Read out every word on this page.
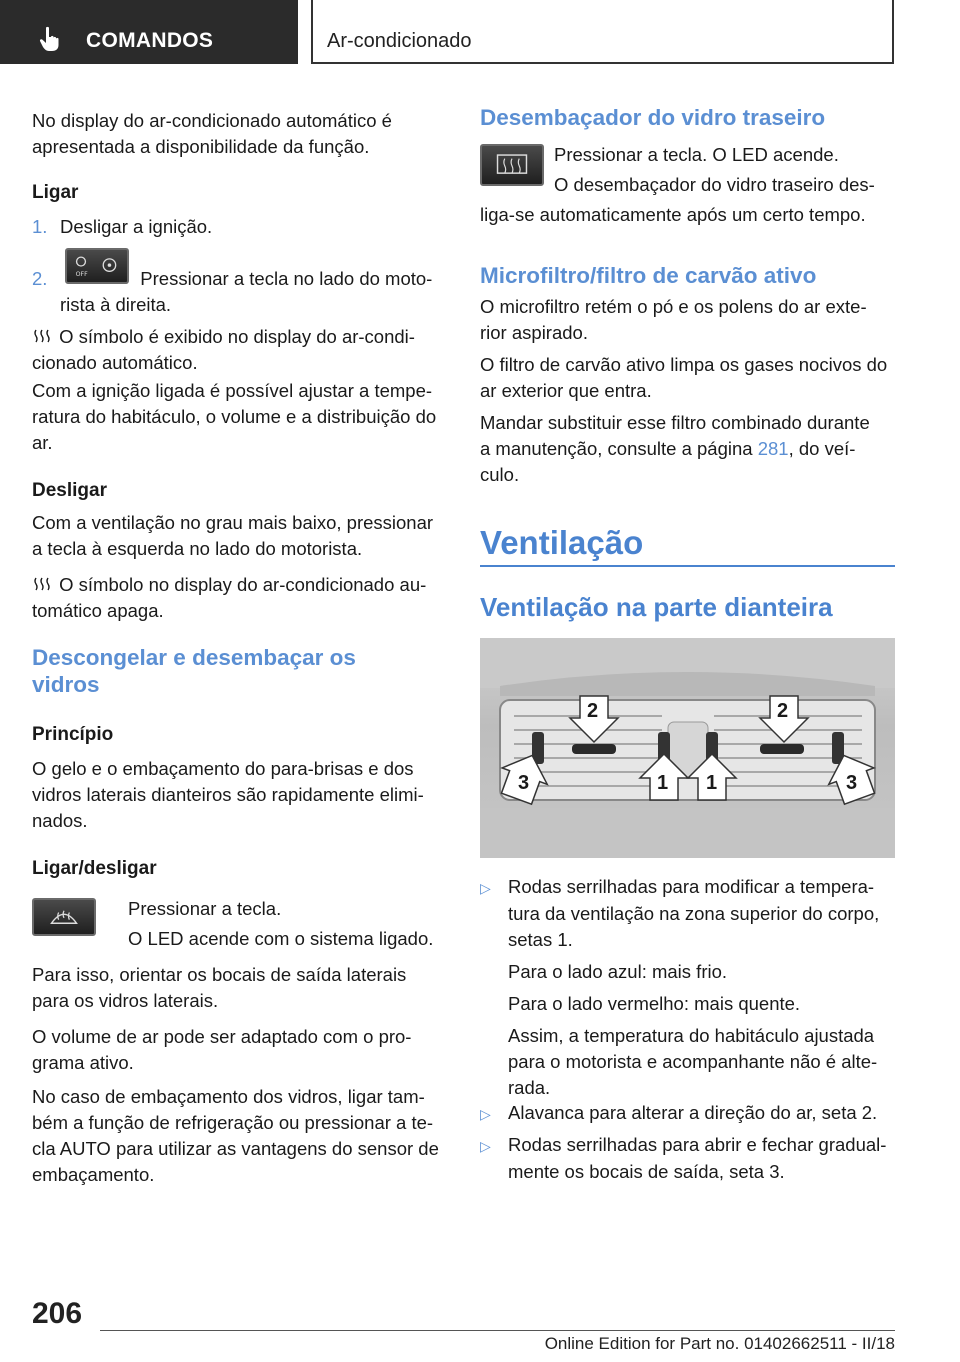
COMANDOS	Ar-condicionado

No display do ar-condicionado automático é

apresentada a disponibilidade da função.

Ligar
1. Desligar a ignição.
2.	OFF	Pressionar a tecla no lado do moto-

rista à direita.

O símbolo é exibido no display do ar-condi-

cionado automático.

Com a ignição ligada é possível ajustar a tempe-

ratura do habitáculo, o volume e a distribuição do

ar.

Desligar

Com a ventilação no grau mais baixo, pressionar

a tecla à esquerda no lado do motorista.

O símbolo no display do ar-condicionado au-

tomático apaga.

Descongelar e desembaçar os

vidros

Princípio

O gelo e o embaçamento do para-brisas e dos

vidros laterais dianteiros são rapidamente elimi-

nados.

Ligar/desligar

Pressionar a tecla.

O LED acende com o sistema ligado.

Para isso, orientar os bocais de saída laterais

para os vidros laterais.

O volume de ar pode ser adaptado com o pro-

grama ativo.

No caso de embaçamento dos vidros, ligar tam-

bém a função de refrigeração ou pressionar a te-

cla AUTO para utilizar as vantagens do sensor de

embaçamento.

Desembaçador do vidro traseiro

Pressionar a tecla. O LED acende.

O desembaçador do vidro traseiro des-

liga-se automaticamente após um certo tempo.
Microfiltro/filtro de carvão ativo

O microfiltro retém o pó e os polens do ar exte-

rior aspirado.

O filtro de carvão ativo limpa os gases nocivos do

ar exterior que entra.

Mandar substituir esse filtro combinado durante

a manutenção, consulte a página 281, do veí-

culo.

Ventilação
Ventilação na parte dianteira
2	2
3	1 1	3

▷ Rodas serrilhadas para modificar a tempera-

tura da ventilação na zona superior do corpo,

setas 1.

Para o lado azul: mais frio.

Para o lado vermelho: mais quente.

Assim, a temperatura do habitáculo ajustada

para o motorista e acompanhante não é alte-

rada.

▷ Alavanca para alterar a direção do ar, seta 2.

▷ Rodas serrilhadas para abrir e fechar gradual-

mente os bocais de saída, seta 3.

206
Online Edition for Part no. 01402662511 - II/18
